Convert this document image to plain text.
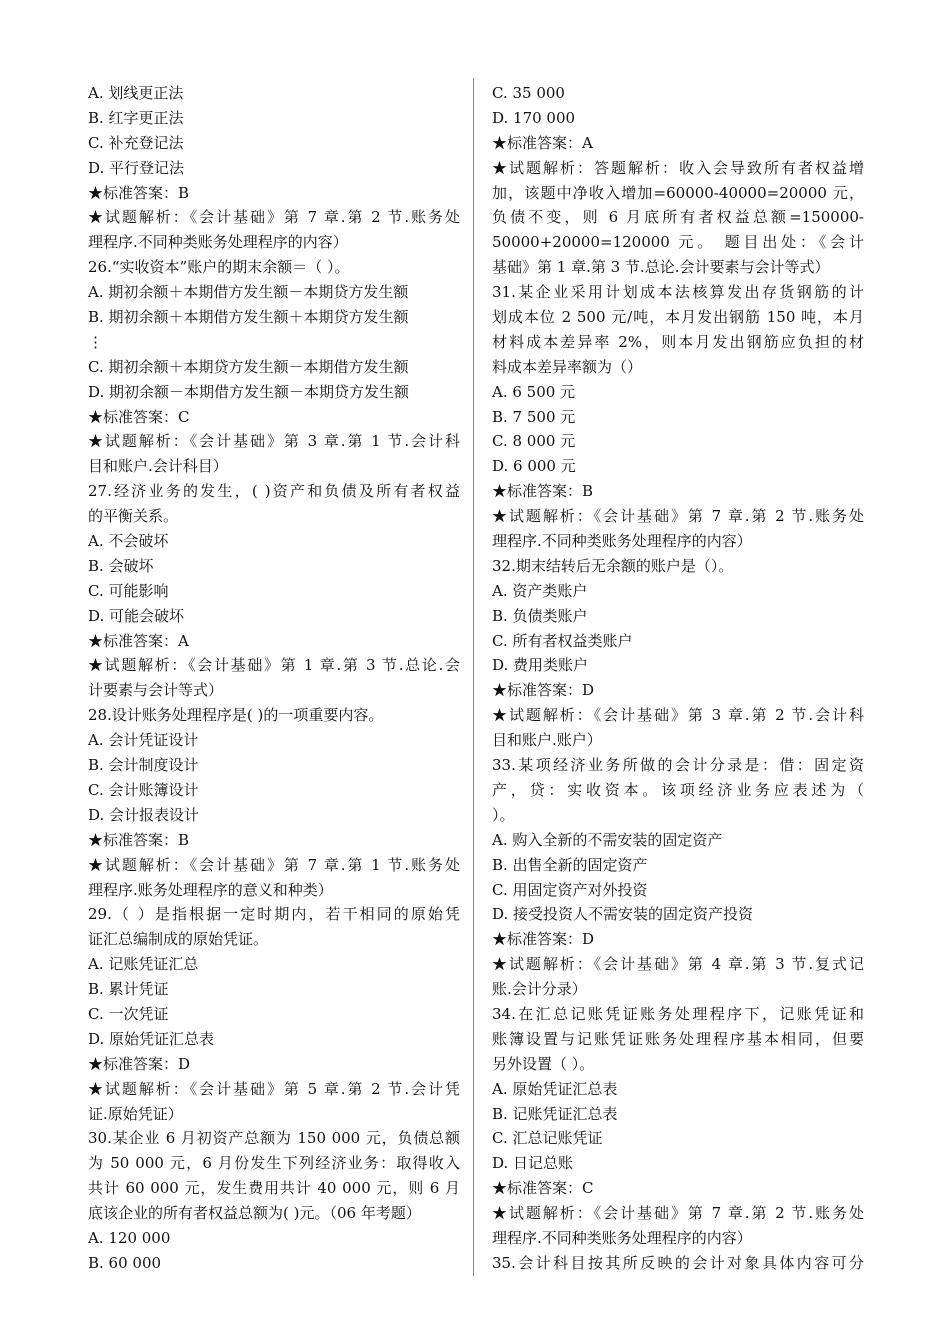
A. 划线更正法
B. 红字更正法
C. 补充登记法
D. 平行登记法
★标准答案：B
★试题解析：《会计基础》第 7 章.第 2 节.账务处
理程序.不同种类账务处理程序的内容）
26.“实收资本”账户的期末余额＝（ ）。
A. 期初余额＋本期借方发生额－本期贷方发生额
B. 期初余额＋本期借方发生额＋本期贷方发生额
⋮
C. 期初余额＋本期贷方发生额－本期借方发生额
D. 期初余额－本期借方发生额－本期贷方发生额
★标准答案：C
★试题解析：《会计基础》第 3 章.第 1 节.会计科
目和账户.会计科目）
27.经济业务的发生，( )资产和负债及所有者权益
的平衡关系。
A. 不会破坏
B. 会破坏
C. 可能影响
D. 可能会破坏
★标准答案：A
★试题解析：《会计基础》第 1 章.第 3 节.总论.会
计要素与会计等式）
28.设计账务处理程序是( )的一项重要内容。
A. 会计凭证设计
B. 会计制度设计
C. 会计账簿设计
D. 会计报表设计
★标准答案：B
★试题解析：《会计基础》第 7 章.第 1 节.账务处
理程序.账务处理程序的意义和种类）
29.（ ）是指根据一定时期内，若干相同的原始凭
证汇总编制成的原始凭证。
A. 记账凭证汇总
B. 累计凭证
C. 一次凭证
D. 原始凭证汇总表
★标准答案：D
★试题解析：《会计基础》第 5 章.第 2 节.会计凭
证.原始凭证）
30.某企业 6 月初资产总额为 150 000 元，负债总额
为 50 000 元，6 月份发生下列经济业务：取得收入
共计 60 000 元，发生费用共计 40 000 元，则 6 月
底该企业的所有者权益总额为( )元。（06 年考题）
A. 120 000
B. 60 000
C. 35 000
D. 170 000
★标准答案：A
★试题解析：答题解析：收入会导致所有者权益增
加，该题中净收入增加=60000-40000=20000 元，
负债不变，则 6 月底所有者权益总额=150000-
50000+20000=120000 元。 题目出处：《会计
基础》第 1 章.第 3 节.总论.会计要素与会计等式）
31.某企业采用计划成本法核算发出存货钢筋的计
划成本位 2 500 元/吨，本月发出钢筋 150 吨，本月
材料成本差异率 2%，则本月发出钢筋应负担的材
料成本差异率额为（）
A. 6 500 元
B. 7 500 元
C. 8 000 元
D. 6 000 元
★标准答案：B
★试题解析：《会计基础》第 7 章.第 2 节.账务处
理程序.不同种类账务处理程序的内容）
32.期末结转后无余额的账户是（）。
A. 资产类账户
B. 负债类账户
C. 所有者权益类账户
D. 费用类账户
★标准答案：D
★试题解析：《会计基础》第 3 章.第 2 节.会计科
目和账户.账户）
33.某项经济业务所做的会计分录是：借：固定资
产，贷：实收资本。该项经济业务应表述为（
）。
A. 购入全新的不需安装的固定资产
B. 出售全新的固定资产
C. 用固定资产对外投资
D. 接受投资人不需安装的固定资产投资
★标准答案：D
★试题解析：《会计基础》第 4 章.第 3 节.复式记
账.会计分录）
34.在汇总记账凭证账务处理程序下，记账凭证和
账簿设置与记账凭证账务处理程序基本相同，但要
另外设置（ ）。
A. 原始凭证汇总表
B. 记账凭证汇总表
C. 汇总记账凭证
D. 日记总账
★标准答案：C
★试题解析：《会计基础》第 7 章.第 2 节.账务处
理程序.不同种类账务处理程序的内容）
35.会计科目按其所反映的会计对象具体内容可分
